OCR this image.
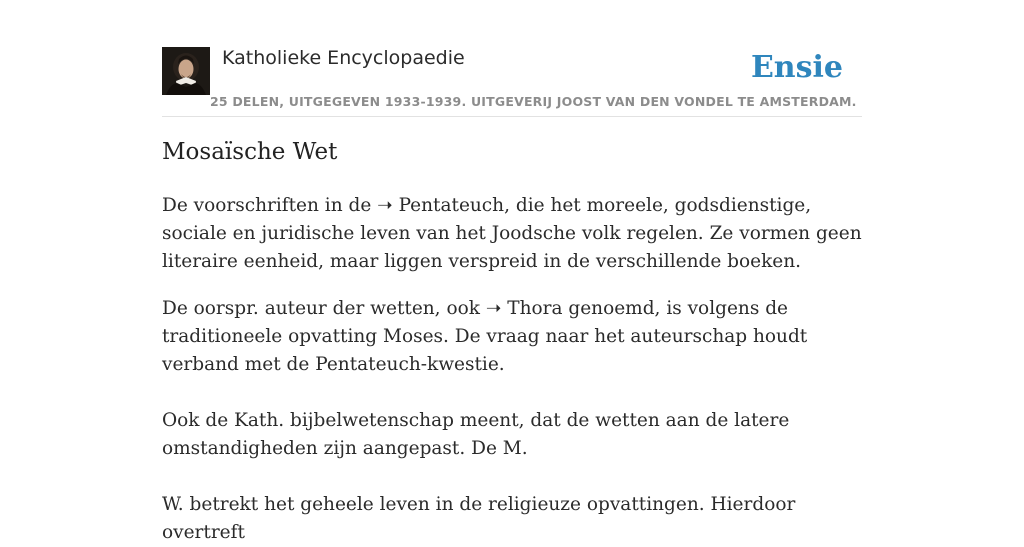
Katholieke Encyclopaedie
25 DELEN, UITGEGEVEN 1933-1939. UITGEVERIJ JOOST VAN DEN VONDEL TE AMSTERDAM.
Ensie
Mosaïsche Wet

De voorschriften in de ➝ Pentateuch, die het moreele, godsdienstige, sociale en juridische leven van het Joodsche volk regelen. Ze vormen geen literaire eenheid, maar liggen verspreid in de verschillende boeken.

De oorspr. auteur der wetten, ook ➝ Thora genoemd, is volgens de traditioneele opvatting Moses. De vraag naar het auteurschap houdt verband met de Pentateuch-kwestie.

Ook de Kath. bijbelwetenschap meent, dat de wetten aan de latere omstandigheden zijn aangepast. De M.

W. betrekt het geheele leven in de religieuze opvattingen. Hierdoor overtreft
